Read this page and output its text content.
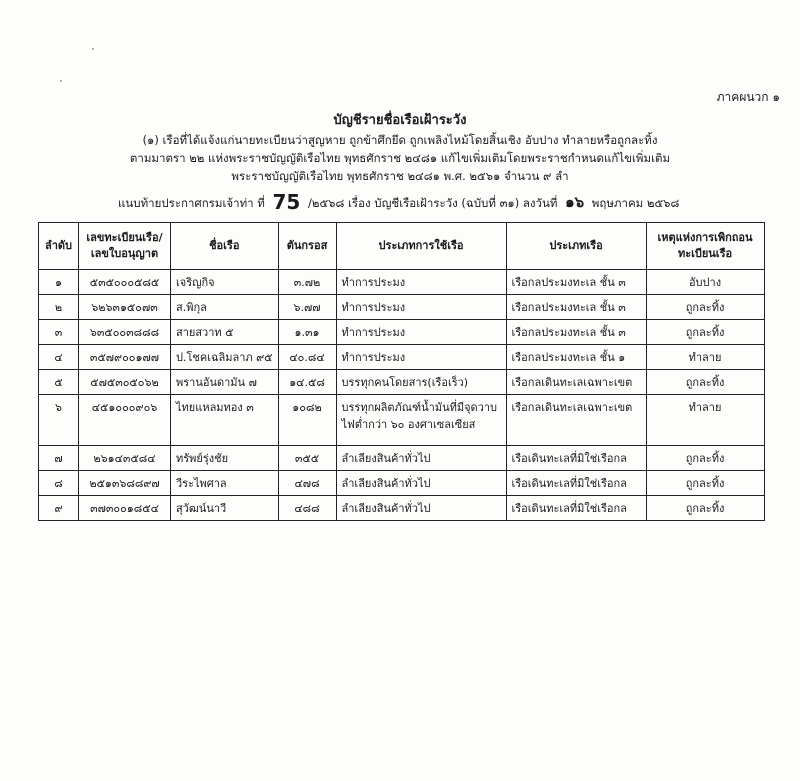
ภาคผนวก ๑
บัญชีรายชื่อเรือเฝ้าระวัง
(๑) เรือที่ได้แจ้งแก่นายทะเบียนว่าสูญหาย ถูกข้าศึกยึด ถูกเพลิงไหม้โดยสิ้นเชิง อับปาง ทำลายหรือถูกละทิ้ง
ตามมาตรา ๒๒ แห่งพระราชบัญญัติเรือไทย พุทธศักราช ๒๔๘๑ แก้ไขเพิ่มเติมโดยพระราชกำหนดแก้ไขเพิ่มเติม
พระราชบัญญัติเรือไทย พุทธศักราช ๒๔๘๑ พ.ศ. ๒๕๖๑ จำนวน ๙ ลำ
แนบท้ายประกาศกรมเจ้าท่า ที่ 75 /๒๕๖๘ เรื่อง บัญชีเรือเฝ้าระวัง (ฉบับที่ ๓๑) ลงวันที่ ๑๖ พฤษภาคม ๒๕๖๘
ลำดับ	เลขทะเบียนเรือ/ เลขใบอนุญาต	ชื่อเรือ	ตันกรอส	ประเภทการใช้เรือ	ประเภทเรือ	เหตุแห่งการเพิกถอนทะเบียนเรือ
๑	๕๓๕๐๐๐๕๘๕	เจริญกิจ	๓.๗๒	ทำการประมง	เรือกลประมงทะเล ชั้น ๓	อับปาง
๒	๖๒๖๓๑๕๐๗๓	ส.พิกุล	๖.๗๗	ทำการประมง	เรือกลประมงทะเล ชั้น ๓	ถูกละทิ้ง
๓	๖๓๕๐๐๓๘๘๘	สายสวาท ๕	๑.๓๑	ทำการประมง	เรือกลประมงทะเล ชั้น ๓	ถูกละทิ้ง
๔	๓๕๗๙๐๐๑๗๗	ป.โชคเฉลิมลาภ ๙๕	๔๐.๘๔	ทำการประมง	เรือกลประมงทะเล ชั้น ๑	ทำลาย
๕	๕๗๕๓๐๕๐๖๒	พรานอันดามัน ๗	๑๔.๕๘	บรรทุกคนโดยสาร(เรือเร็ว)	เรือกลเดินทะเลเฉพาะเขต	ถูกละทิ้ง
๖	๔๕๑๐๐๐๙๐๖	ไทยแหลมทอง ๓	๑๐๘๒	บรรทุกผลิตภัณฑ์น้ำมันที่มีจุดวาบไฟต่ำกว่า ๖๐ องศาเซลเซียส	เรือกลเดินทะเลเฉพาะเขต	ทำลาย
๗	๒๖๑๔๓๕๘๔	ทรัพย์รุ่งชัย	๓๕๕	ลำเลียงสินค้าทั่วไป	เรือเดินทะเลที่มิใช่เรือกล	ถูกละทิ้ง
๘	๒๕๑๓๖๘๘๙๗	วีระไพศาล	๔๗๘	ลำเลียงสินค้าทั่วไป	เรือเดินทะเลที่มิใช่เรือกล	ถูกละทิ้ง
๙	๓๗๓๐๐๑๘๕๔	สุวัฒน์นาวี	๔๘๘	ลำเลียงสินค้าทั่วไป	เรือเดินทะเลที่มิใช่เรือกล	ถูกละทิ้ง
